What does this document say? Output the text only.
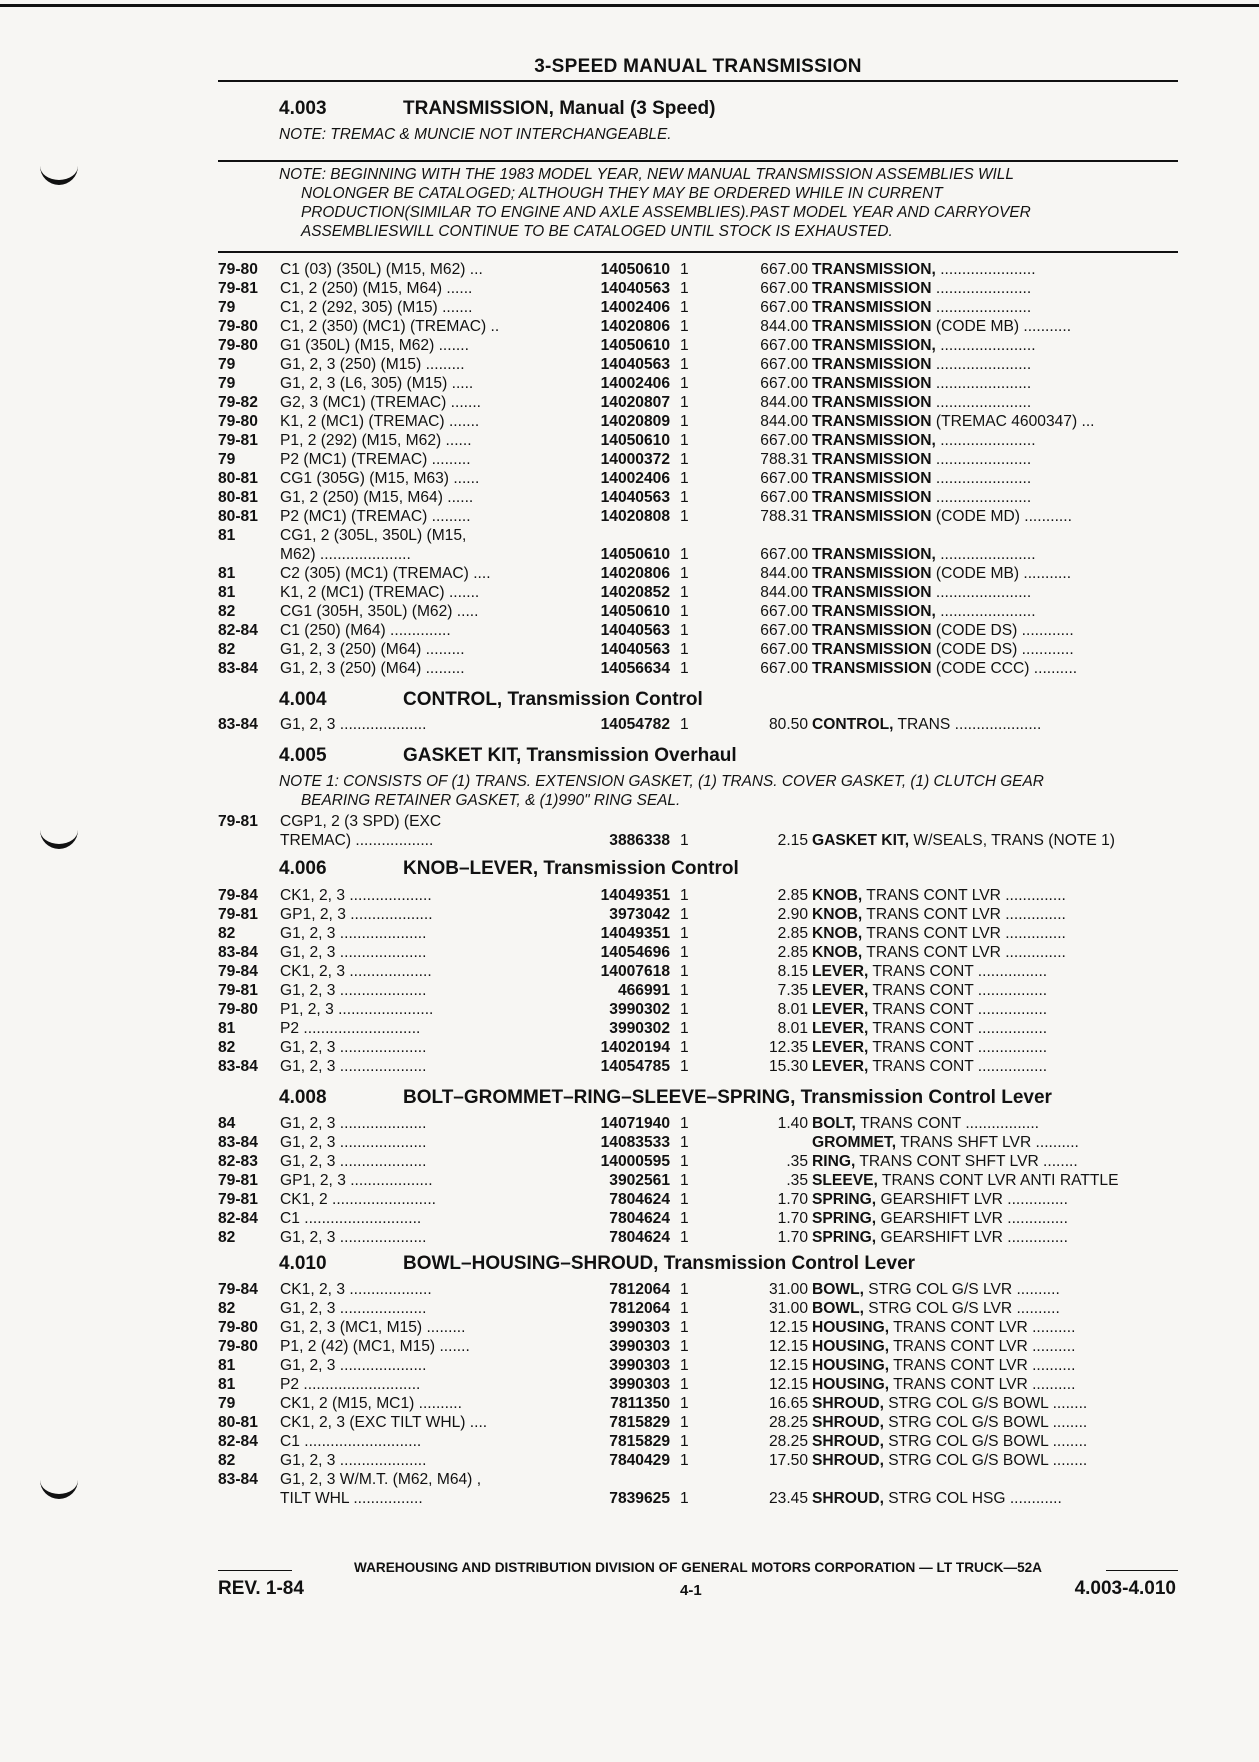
3-SPEED MANUAL TRANSMISSION
4.003	TRANSMISSION, Manual (3 Speed)
NOTE: TREMAC & MUNCIE NOT INTERCHANGEABLE.
NOTE: BEGINNING WITH THE 1983 MODEL YEAR, NEW MANUAL TRANSMISSION ASSEMBLIES WILL
NOLONGER BE CATALOGED; ALTHOUGH THEY MAY BE ORDERED WHILE IN CURRENT
PRODUCTION(SIMILAR TO ENGINE AND AXLE ASSEMBLIES).PAST MODEL YEAR AND CARRYOVER
ASSEMBLIESWILL CONTINUE TO BE CATALOGED UNTIL STOCK IS EXHAUSTED.
79-80 C1 (03) (350L) (M15, M62) ...	14050610 1	667.00 TRANSMISSION, ......................
79-81 C1, 2 (250) (M15, M64) ......	14040563 1	667.00 TRANSMISSION ......................
79	C1, 2 (292, 305) (M15) .......	14002406 1	667.00 TRANSMISSION ......................
79-80 C1, 2 (350) (MC1) (TREMAC) ..	14020806 1	844.00 TRANSMISSION (CODE MB) ...........
79-80 G1 (350L) (M15, M62) .......	14050610 1	667.00 TRANSMISSION, ......................
79	G1, 2, 3 (250) (M15) .........	14040563 1	667.00 TRANSMISSION ......................
79	G1, 2, 3 (L6, 305) (M15) .....	14002406 1	667.00 TRANSMISSION ......................
79-82 G2, 3 (MC1) (TREMAC) .......	14020807 1	844.00 TRANSMISSION ......................
79-80 K1, 2 (MC1) (TREMAC) .......	14020809 1	844.00 TRANSMISSION (TREMAC 4600347) ...
79-81 P1, 2 (292) (M15, M62) ......	14050610 1	667.00 TRANSMISSION, ......................
79	P2 (MC1) (TREMAC) .........	14000372 1	788.31 TRANSMISSION ......................
80-81 CG1 (305G) (M15, M63) ......	14002406 1	667.00 TRANSMISSION ......................
80-81 G1, 2 (250) (M15, M64) ......	14040563 1	667.00 TRANSMISSION ......................
80-81 P2 (MC1) (TREMAC) .........	14020808 1	788.31 TRANSMISSION (CODE MD) ...........
81	CG1, 2 (305L, 350L) (M15,
M62) .....................	14050610 1	667.00 TRANSMISSION, ......................
81	C2 (305) (MC1) (TREMAC) ....	14020806 1	844.00 TRANSMISSION (CODE MB) ...........
81	K1, 2 (MC1) (TREMAC) .......	14020852 1	844.00 TRANSMISSION ......................
82	CG1 (305H, 350L) (M62) .....	14050610 1	667.00 TRANSMISSION, ......................
82-84 C1 (250) (M64) ..............	14040563 1	667.00 TRANSMISSION (CODE DS) ............
82	G1, 2, 3 (250) (M64) .........	14040563 1	667.00 TRANSMISSION (CODE DS) ............
83-84 G1, 2, 3 (250) (M64) .........	14056634 1	667.00 TRANSMISSION (CODE CCC) ..........
4.004	CONTROL, Transmission Control
83-84 G1, 2, 3 ....................	14054782 1	80.50 CONTROL, TRANS ....................
4.005	GASKET KIT, Transmission Overhaul
NOTE 1: CONSISTS OF (1) TRANS. EXTENSION GASKET, (1) TRANS. COVER GASKET, (1) CLUTCH GEAR
BEARING RETAINER GASKET, & (1)990" RING SEAL.
79-81 CGP1, 2 (3 SPD) (EXC
TREMAC) ..................	3886338 1	2.15 GASKET KIT, W/SEALS, TRANS (NOTE 1)
4.006	KNOB–LEVER, Transmission Control
79-84 CK1, 2, 3 ...................	14049351 1	2.85 KNOB, TRANS CONT LVR ..............
79-81 GP1, 2, 3 ...................	3973042 1	2.90 KNOB, TRANS CONT LVR ..............
82	G1, 2, 3 ....................	14049351 1	2.85 KNOB, TRANS CONT LVR ..............
83-84 G1, 2, 3 ....................	14054696 1	2.85 KNOB, TRANS CONT LVR ..............
79-84 CK1, 2, 3 ...................	14007618 1	8.15 LEVER, TRANS CONT ................
79-81 G1, 2, 3 ....................	466991 1	7.35 LEVER, TRANS CONT ................
79-80 P1, 2, 3 ......................	3990302 1	8.01 LEVER, TRANS CONT ................
81	P2 ...........................	3990302 1	8.01 LEVER, TRANS CONT ................
82	G1, 2, 3 ....................	14020194 1	12.35 LEVER, TRANS CONT ................
83-84 G1, 2, 3 ....................	14054785 1	15.30 LEVER, TRANS CONT ................
4.008	BOLT–GROMMET–RING–SLEEVE–SPRING, Transmission Control Lever
84	G1, 2, 3 ....................	14071940 1	1.40 BOLT, TRANS CONT .................
83-84 G1, 2, 3 ....................	14083533 1	GROMMET, TRANS SHFT LVR ..........
82-83 G1, 2, 3 ....................	14000595 1	.35 RING, TRANS CONT SHFT LVR ........
79-81 GP1, 2, 3 ...................	3902561 1	.35 SLEEVE, TRANS CONT LVR ANTI RATTLE
79-81 CK1, 2 ........................	7804624 1	1.70 SPRING, GEARSHIFT LVR ..............
82-84 C1 ...........................	7804624 1	1.70 SPRING, GEARSHIFT LVR ..............
82	G1, 2, 3 ....................	7804624 1	1.70 SPRING, GEARSHIFT LVR ..............
4.010	BOWL–HOUSING–SHROUD, Transmission Control Lever
79-84 CK1, 2, 3 ...................	7812064 1	31.00 BOWL, STRG COL G/S LVR ..........
82	G1, 2, 3 ....................	7812064 1	31.00 BOWL, STRG COL G/S LVR ..........
79-80 G1, 2, 3 (MC1, M15) .........	3990303 1	12.15 HOUSING, TRANS CONT LVR ..........
79-80 P1, 2 (42) (MC1, M15) .......	3990303 1	12.15 HOUSING, TRANS CONT LVR ..........
81	G1, 2, 3 ....................	3990303 1	12.15 HOUSING, TRANS CONT LVR ..........
81	P2 ...........................	3990303 1	12.15 HOUSING, TRANS CONT LVR ..........
79	CK1, 2 (M15, MC1) ..........	7811350 1	16.65 SHROUD, STRG COL G/S BOWL ........
80-81 CK1, 2, 3 (EXC TILT WHL) ....	7815829 1	28.25 SHROUD, STRG COL G/S BOWL ........
82-84 C1 ...........................	7815829 1	28.25 SHROUD, STRG COL G/S BOWL ........
82	G1, 2, 3 ....................	7840429 1	17.50 SHROUD, STRG COL G/S BOWL ........
83-84 G1, 2, 3 W/M.T. (M62, M64) ,
TILT WHL ................	7839625 1	23.45 SHROUD, STRG COL HSG ............
WAREHOUSING AND DISTRIBUTION DIVISION OF GENERAL MOTORS CORPORATION — LT TRUCK—52A
REV. 1-84	4-1	4.003-4.010
